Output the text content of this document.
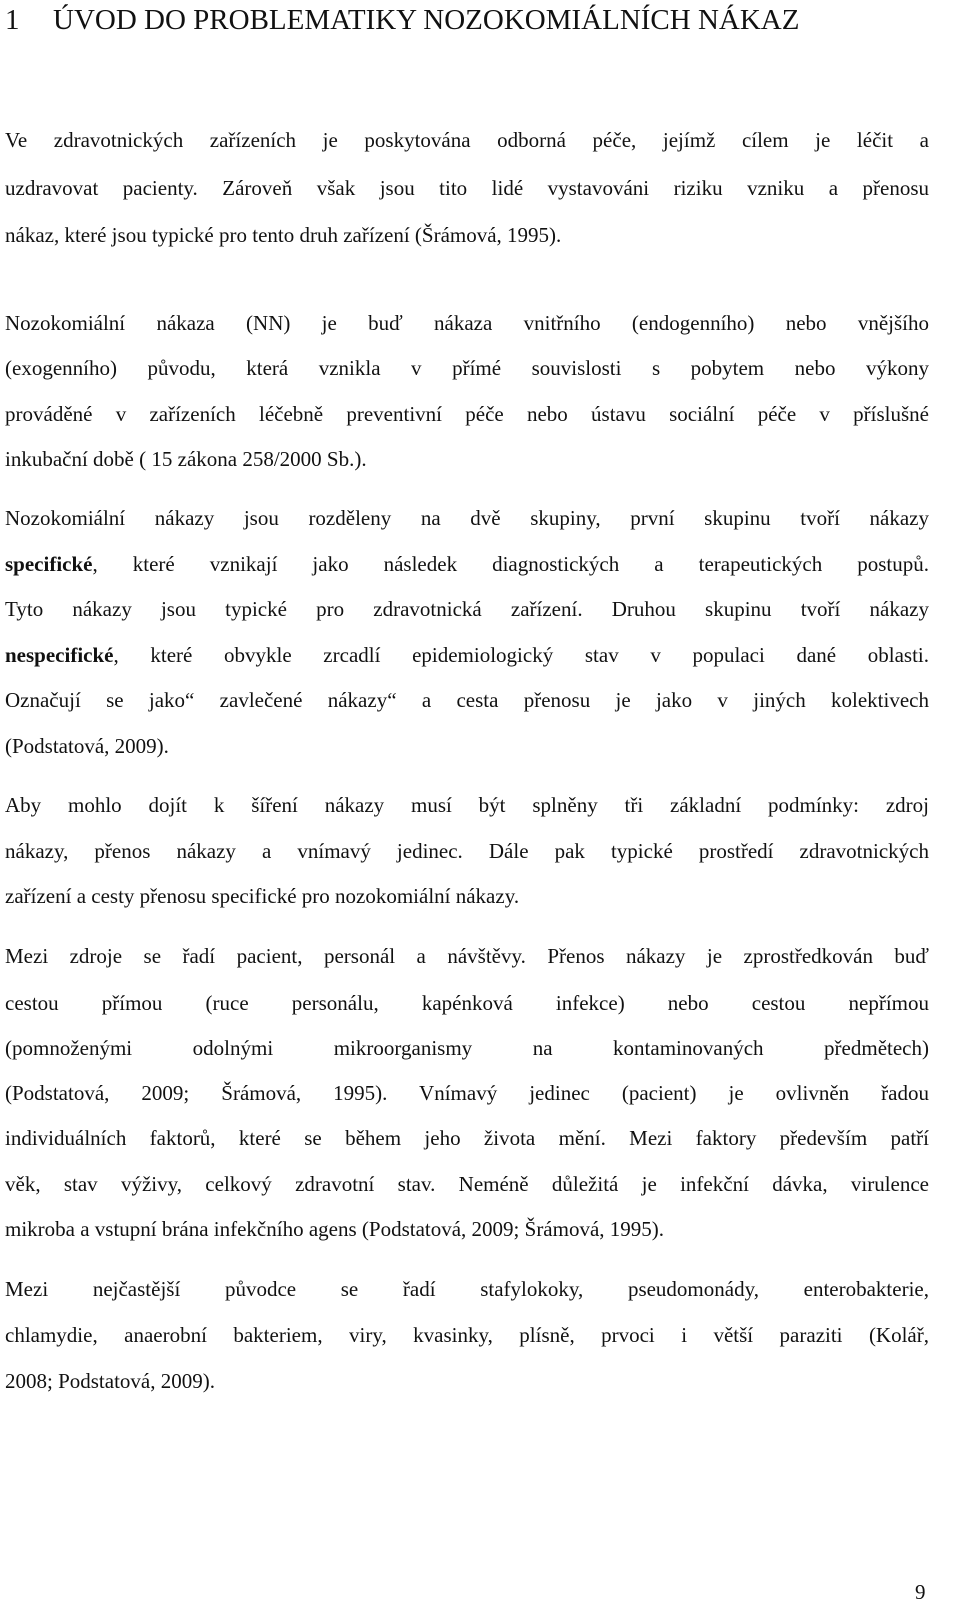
1 ÚVOD DO PROBLEMATIKY NOZOKOMIÁLNÍCH NÁKAZ
Ve zdravotnických zařízeních je poskytována odborná péče, jejímž cílem je léčit a
uzdravovat pacienty. Zároveň však jsou tito lidé vystavováni riziku vzniku a přenosu
nákaz, které jsou typické pro tento druh zařízení (Šrámová, 1995).
Nozokomiální nákaza (NN) je buď nákaza vnitřního (endogenního) nebo vnějšího
(exogenního) původu, která vznikla v přímé souvislosti s pobytem nebo výkony
prováděné v zařízeních léčebně preventivní péče nebo ústavu sociální péče v příslušné
inkubační době ( 15 zákona 258/2000 Sb.).
Nozokomiální nákazy jsou rozděleny na dvě skupiny, první skupinu tvoří nákazy
specifické, které vznikají jako následek diagnostických a terapeutických postupů.
Tyto nákazy jsou typické pro zdravotnická zařízení. Druhou skupinu tvoří nákazy
nespecifické, které obvykle zrcadlí epidemiologický stav v populaci dané oblasti.
Označují se jako“ zavlečené nákazy“ a cesta přenosu je jako v jiných kolektivech
(Podstatová, 2009).
Aby mohlo dojít k šíření nákazy musí být splněny tři základní podmínky: zdroj
nákazy, přenos nákazy a vnímavý jedinec. Dále pak typické prostředí zdravotnických
zařízení a cesty přenosu specifické pro nozokomiální nákazy.
Mezi zdroje se řadí pacient, personál a návštěvy. Přenos nákazy je zprostředkován buď
cestou přímou (ruce personálu, kapénková infekce) nebo cestou nepřímou
(pomnoženými odolnými mikroorganismy na kontaminovaných předmětech)
(Podstatová, 2009; Šrámová, 1995). Vnímavý jedinec (pacient) je ovlivněn řadou
individuálních faktorů, které se během jeho života mění. Mezi faktory především patří
věk, stav výživy, celkový zdravotní stav. Neméně důležitá je infekční dávka, virulence
mikroba a vstupní brána infekčního agens (Podstatová, 2009; Šrámová, 1995).
Mezi nejčastější původce se řadí stafylokoky, pseudomonády, enterobakterie,
chlamydie, anaerobní bakteriem, viry, kvasinky, plísně, prvoci i větší paraziti (Kolář,
2008; Podstatová, 2009).
9
